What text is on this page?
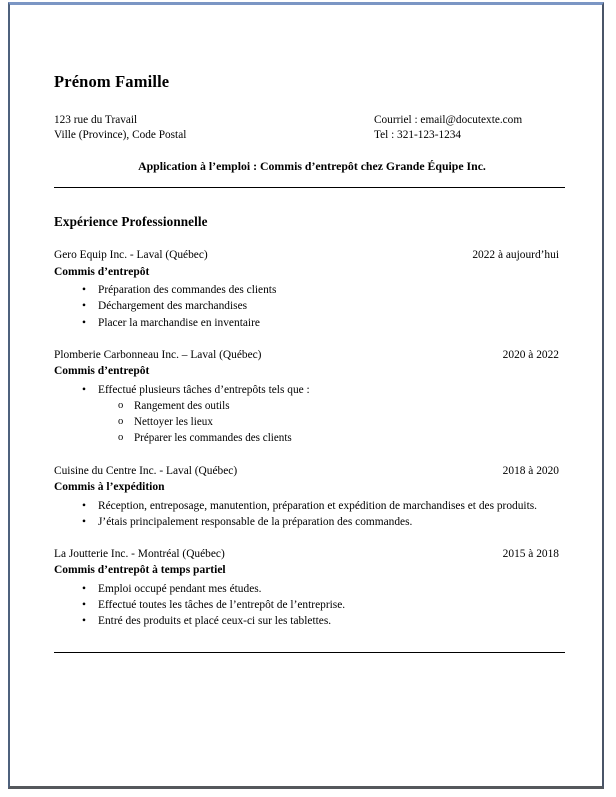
Prénom Famille
123 rue du Travail
Ville (Province), Code Postal
Courriel : email@docutexte.com
Tel : 321-123-1234
Application à l’emploi : Commis d’entrepôt chez Grande Équipe Inc.
Expérience Professionnelle
Gero Equip Inc. - Laval (Québec)	2022 à aujourd’hui
Commis d’entrepôt
• Préparation des commandes des clients
• Déchargement des marchandises
• Placer la marchandise en inventaire
Plomberie Carbonneau Inc. – Laval (Québec)	2020 à 2022
Commis d’entrepôt
• Effectué plusieurs tâches d’entrepôts tels que :
o Rangement des outils
o Nettoyer les lieux
o Préparer les commandes des clients
Cuisine du Centre Inc. - Laval (Québec)	2018 à 2020
Commis à l’expédition
• Réception, entreposage, manutention, préparation et expédition de marchandises et des produits.
• J’étais principalement responsable de la préparation des commandes.
La Joutterie Inc. - Montréal (Québec)	2015 à 2018
Commis d’entrepôt à temps partiel
• Emploi occupé pendant mes études.
• Effectué toutes les tâches de l’entrepôt de l’entreprise.
• Entré des produits et placé ceux-ci sur les tablettes.
